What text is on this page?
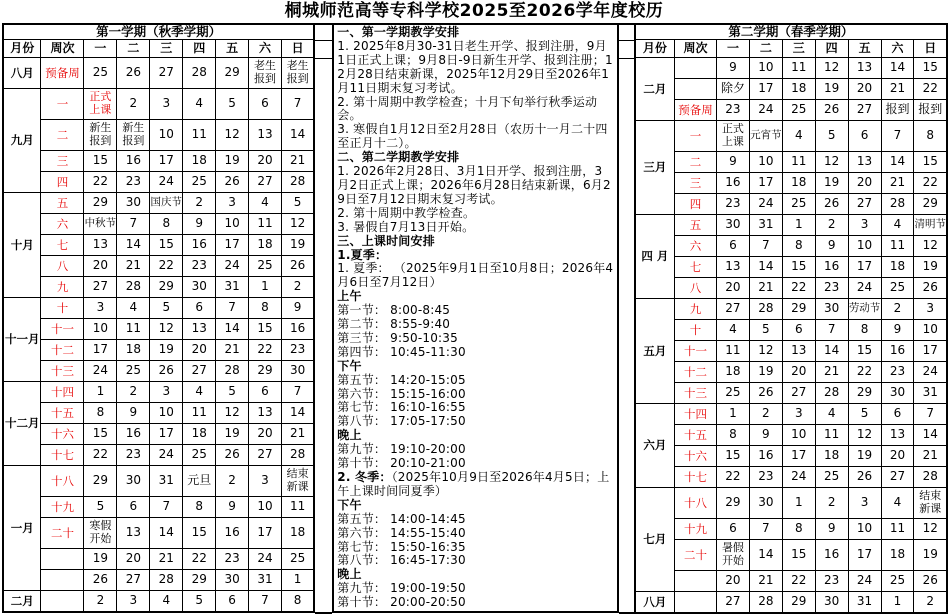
桐城师范高等专科学校2025至2026学年度校历
第一学期（秋季学期）								
月份	周次	一	二	三	四	五	六	日
八月	预备周	25	26	27	28	29	老生报到	老生报到
九月	一	正式上课	2	3	4	5	6	7
	二	新生报到	新生报到	10	11	12	13	14
	三	15	16	17	18	19	20	21
	四	22	23	24	25	26	27	28
十月	五	29	30	国庆节	2	3	4	5
	六	中秋节	7	8	9	10	11	12
	七	13	14	15	16	17	18	19
	八	20	21	22	23	24	25	26
	九	27	28	29	30	31	1	2
十一月	十	3	4	5	6	7	8	9
	十一	10	11	12	13	14	15	16
	十二	17	18	19	20	21	22	23
	十三	24	25	26	27	28	29	30
十二月	十四	1	2	3	4	5	6	7
	十五	8	9	10	11	12	13	14
	十六	15	16	17	18	19	20	21
	十七	22	23	24	25	26	27	28
一月	十八	29	30	31	元旦	2	3	结束新课
	十九	5	6	7	8	9	10	11
	二十	寒假开始	13	14	15	16	17	18
		19	20	21	22	23	24	25
		26	27	28	29	30	31	1
二月		2	3	4	5	6	7	8
一、第一学期教学安排
1. 2025年8月30-31日老生开学、报到注册，9月1日正式上课；9月8日-9日新生开学、报到注册；12月28日结束新课，2025年12月29日至2026年1月11日期末复习考试。
2. 第十周期中教学检查；十月下旬举行秋季运动会。
3. 寒假自1月12日至2月28日（农历十一月二十四至正月十二）。
二、第二学期教学安排
1. 2026年2月28日、3月1日开学、报到注册，3月2日正式上课；2026年6月28日结束新课，6月29日至7月12日期末复习考试。
2. 第十周期中教学检查。
3. 暑假自7月13日开始。
三、上课时间安排
1.夏季：
1. 夏季： （2025年9月1日至10月8日；2026年4月6日至7月12日）
上午
第一节： 8:00-8:45
第二节： 8:55-9:40
第三节： 9:50-10:35
第四节： 10:45-11:30
下午
第五节： 14:20-15:05
第六节： 15:15-16:00
第七节： 16:10-16:55
第八节： 17:05-17:50
晚上
第九节： 19:10-20:00
第十节： 20:10-21:00
2. 冬季：（2025年10月9日至2026年4月5日；上午上课时间同夏季）
下午
第五节： 14:00-14:45
第六节： 14:55-15:40
第七节： 15:50-16:35
第八节： 16:45-17:30
晚上
第九节： 19:00-19:50
第十节： 20:00-20:50
第二学期（春季学期）								
月份	周次	一	二	三	四	五	六	日
二月		9	10	11	12	13	14	15
		除夕	17	18	19	20	21	22
	预备周	23	24	25	26	27	报到	报到
三月	一	正式上课	元宵节	4	5	6	7	8
	二	9	10	11	12	13	14	15
	三	16	17	18	19	20	21	22
	四	23	24	25	26	27	28	29
四 月	五	30	31	1	2	3	4	清明节
	六	6	7	8	9	10	11	12
	七	13	14	15	16	17	18	19
	八	20	21	22	23	24	25	26
五月	九	27	28	29	30	劳动节	2	3
	十	4	5	6	7	8	9	10
	十一	11	12	13	14	15	16	17
	十二	18	19	20	21	22	23	24
	十三	25	26	27	28	29	30	31
六月	十四	1	2	3	4	5	6	7
	十五	8	9	10	11	12	13	14
	十六	15	16	17	18	19	20	21
	十七	22	23	24	25	26	27	28
七月	十八	29	30	1	2	3	4	结束新课
	十九	6	7	8	9	10	11	12
	二十	暑假开始	14	15	16	17	18	19
		20	21	22	23	24	25	26
八月		27	28	29	30	31	1	2
